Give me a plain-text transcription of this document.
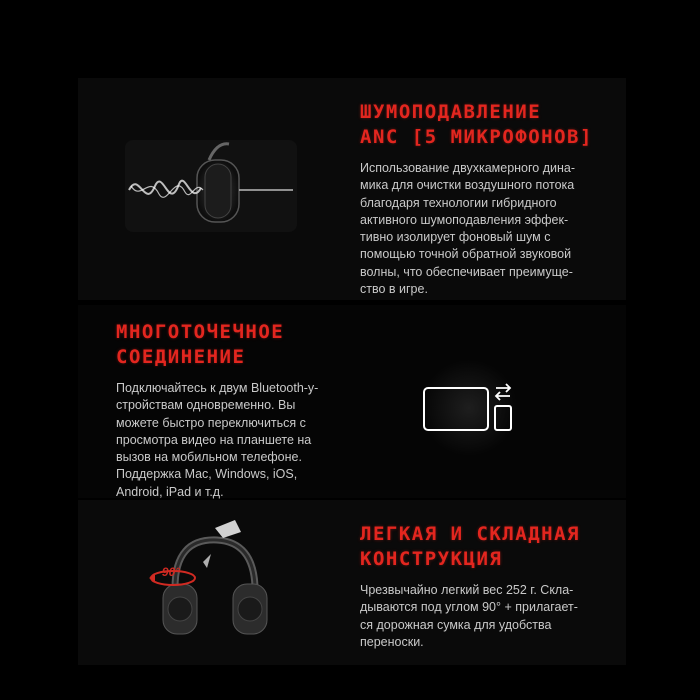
ШУМОПОДАВЛЕНИЕ
ANC [5 МИКРОФОНОВ]
Использование двухкамерного дина-
мика для очистки воздушного потока
благодаря технологии гибридного
активного шумоподавления эффек-
тивно изолирует фоновый шум с
помощью точной обратной звуковой
волны, что обеспечивает преимуще-
ство в игре.
МНОГОТОЧЕЧНОЕ
СОЕДИНЕНИЕ
Подключайтесь к двум Bluetooth-у-
стройствам одновременно. Вы
можете быстро переключиться с
просмотра видео на планшете на
вызов на мобильном телефоне.
Поддержка Mac, Windows, iOS,
Android, iPad и т.д.
90°
ЛЕГКАЯ И СКЛАДНАЯ
КОНСТРУКЦИЯ
Чрезвычайно легкий вес 252 г. Скла-
дываются под углом 90° + прилагает-
ся дорожная сумка для удобства
переноски.
